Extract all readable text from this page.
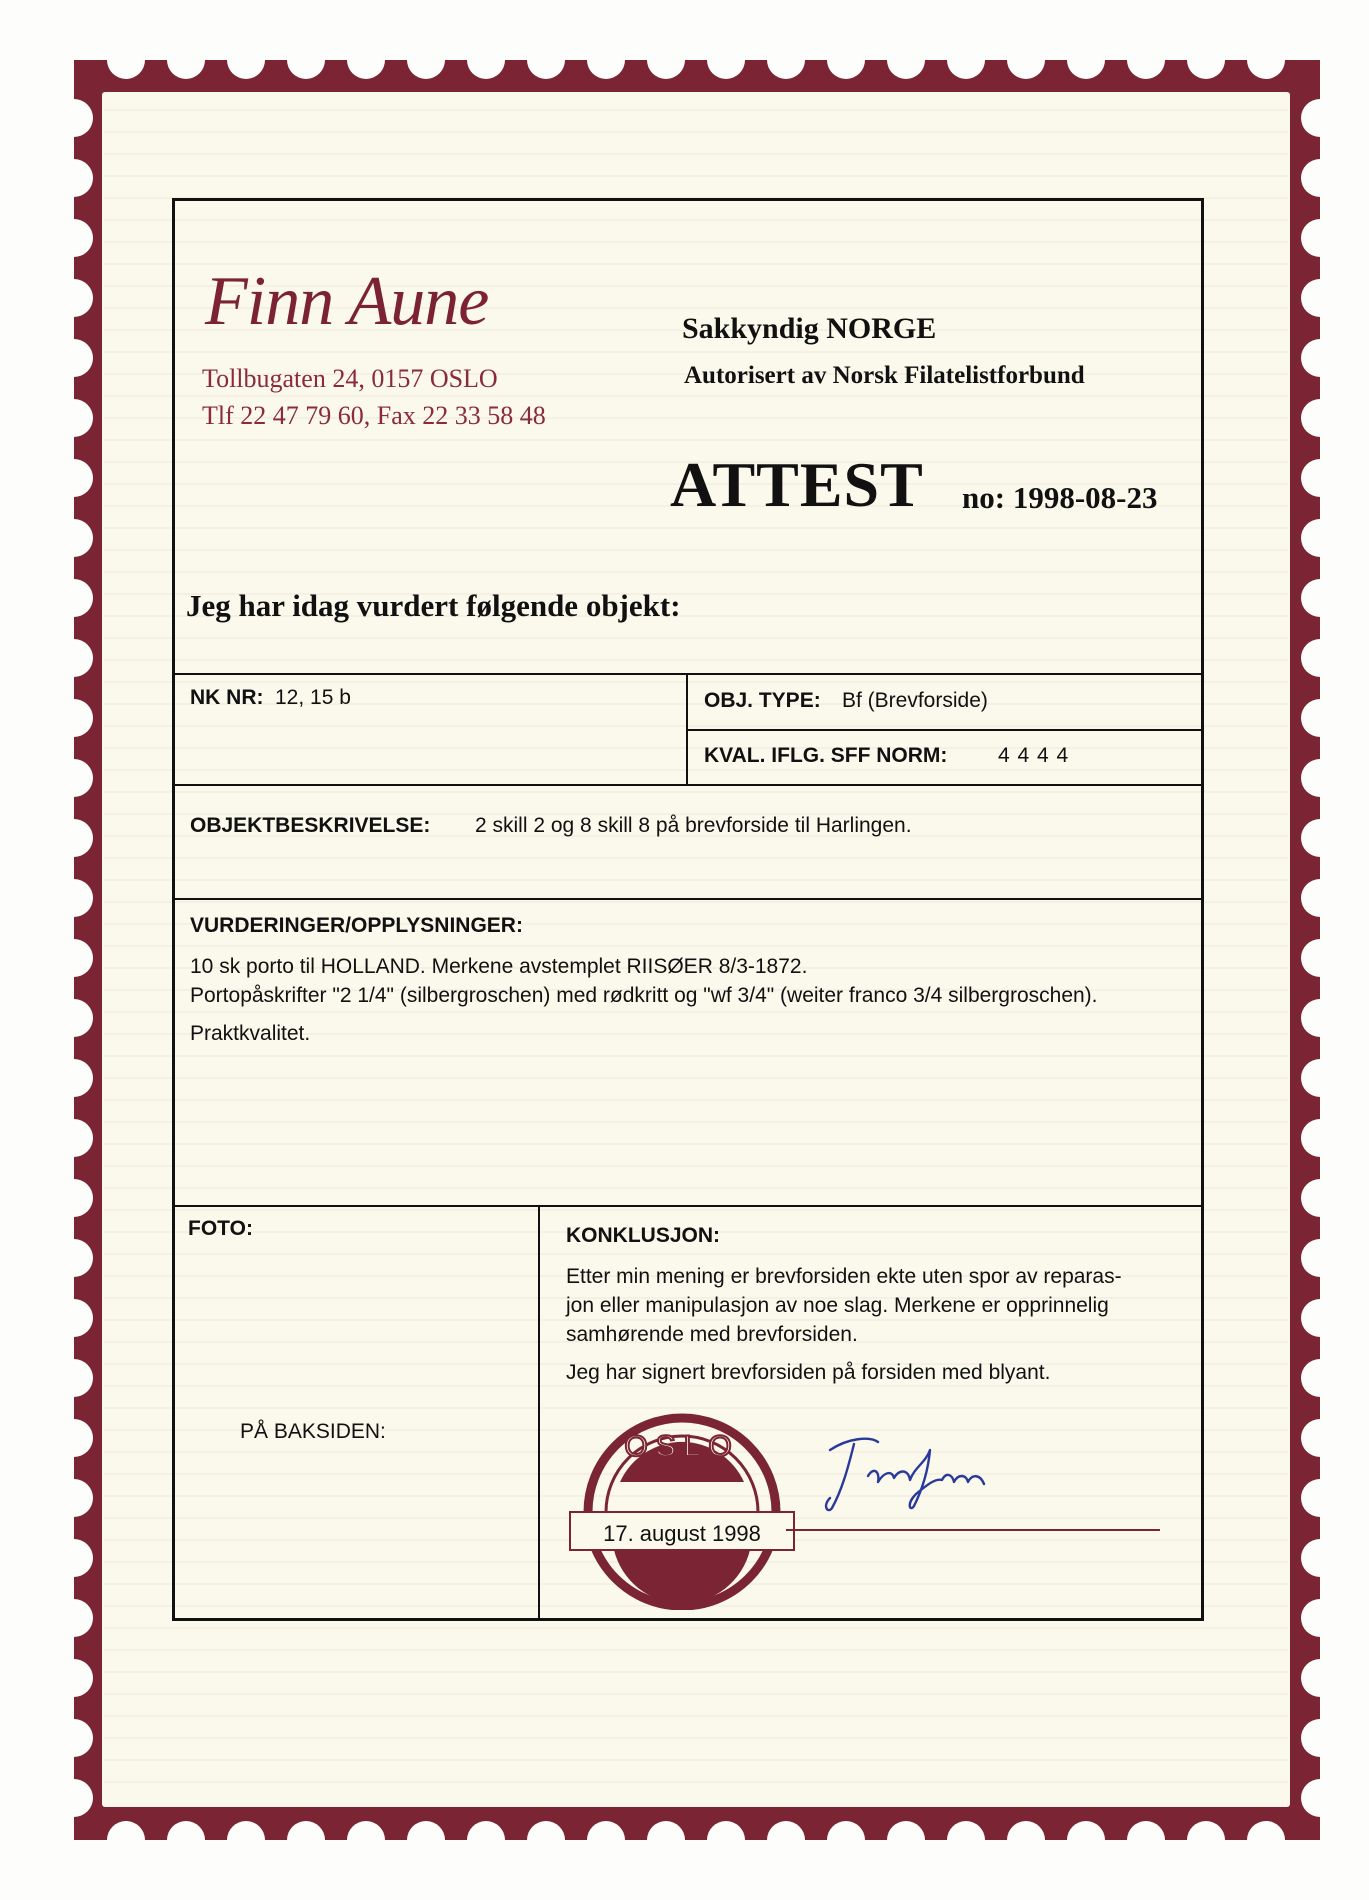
Finn Aune
Tollbugaten 24, 0157 OSLO
Tlf 22 47 79 60, Fax 22 33 58 48
Sakkyndig NORGE
Autorisert av Norsk Filatelistforbund
ATTEST no: 1998-08-23
Jeg har idag vurdert følgende objekt:
NK NR: 12, 15 b	OBJ. TYPE: Bf (Brevforside)
KVAL. IFLG. SFF NORM: 4 4 4 4
OBJEKTBESKRIVELSE: 2 skill 2 og 8 skill 8 på brevforside til Harlingen.
VURDERINGER/OPPLYSNINGER:
10 sk porto til HOLLAND. Merkene avstemplet RIISØER 8/3-1872.
Portopåskrifter "2 1/4" (silbergroschen) med rødkritt og "wf 3/4" (weiter franco 3/4 silbergroschen).
Praktkvalitet.
FOTO:
PÅ BAKSIDEN:
KONKLUSJON:
Etter min mening er brevforsiden ekte uten spor av reparas-
jon eller manipulasjon av noe slag. Merkene er opprinnelig
samhørende med brevforsiden.
Jeg har signert brevforsiden på forsiden med blyant.
OSLO
17. august 1998
